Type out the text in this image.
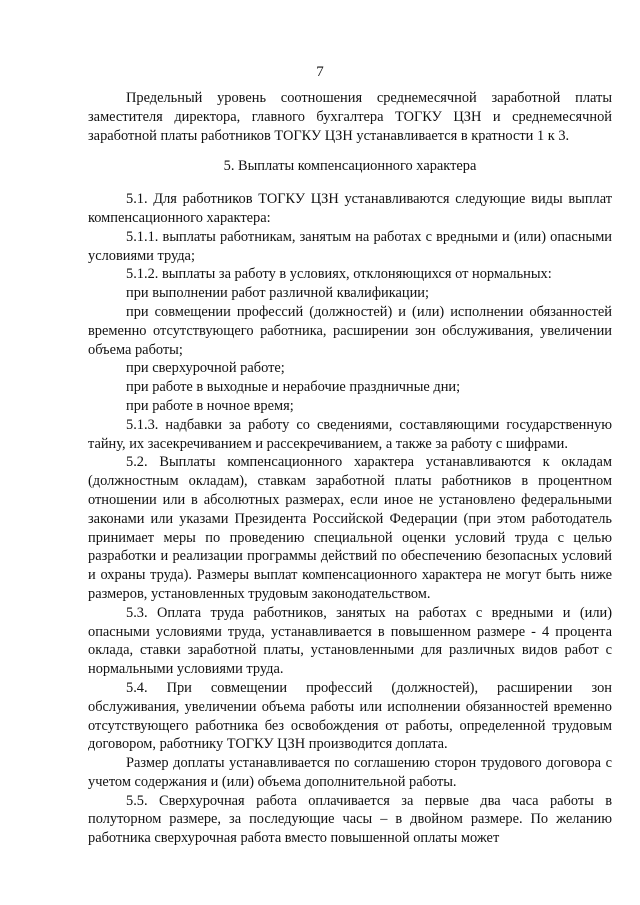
7

Предельный уровень соотношения среднемесячной заработной платы заместителя директора, главного бухгалтера ТОГКУ ЦЗН и среднемесячной заработной платы работников ТОГКУ ЦЗН устанавливается в кратности 1 к 3.

5. Выплаты компенсационного характера

5.1. Для работников ТОГКУ ЦЗН устанавливаются следующие виды выплат компенсационного характера:

5.1.1. выплаты работникам, занятым на работах с вредными и (или) опасными условиями труда;

5.1.2. выплаты за работу в условиях, отклоняющихся от нормальных:

при выполнении работ различной квалификации;

при совмещении профессий (должностей) и (или) исполнении обязанностей временно отсутствующего работника, расширении зон обслуживания, увеличении объема работы;

при сверхурочной работе;

при работе в выходные и нерабочие праздничные дни;

при работе в ночное время;

5.1.3. надбавки за работу со сведениями, составляющими государственную тайну, их засекречиванием и рассекречиванием, а также за работу с шифрами.

5.2. Выплаты компенсационного характера устанавливаются к окладам (должностным окладам), ставкам заработной платы работников в процентном отношении или в абсолютных размерах, если иное не установлено федеральными законами или указами Президента Российской Федерации (при этом работодатель принимает меры по проведению специальной оценки условий труда с целью разработки и реализации программы действий по обеспечению безопасных условий и охраны труда). Размеры выплат компенсационного характера не могут быть ниже размеров, установленных трудовым законодательством.

5.3. Оплата труда работников, занятых на работах с вредными и (или) опасными условиями труда, устанавливается в повышенном размере - 4 процента оклада, ставки заработной платы, установленными для различных видов работ с нормальными условиями труда.

5.4. При совмещении профессий (должностей), расширении зон обслуживания, увеличении объема работы или исполнении обязанностей временно отсутствующего работника без освобождения от работы, определенной трудовым договором, работнику ТОГКУ ЦЗН производится доплата.

Размер доплаты устанавливается по соглашению сторон трудового договора с учетом содержания и (или) объема дополнительной работы.

5.5. Сверхурочная работа оплачивается за первые два часа работы в полуторном размере, за последующие часы – в двойном размере. По желанию работника сверхурочная работа вместо повышенной оплаты может
